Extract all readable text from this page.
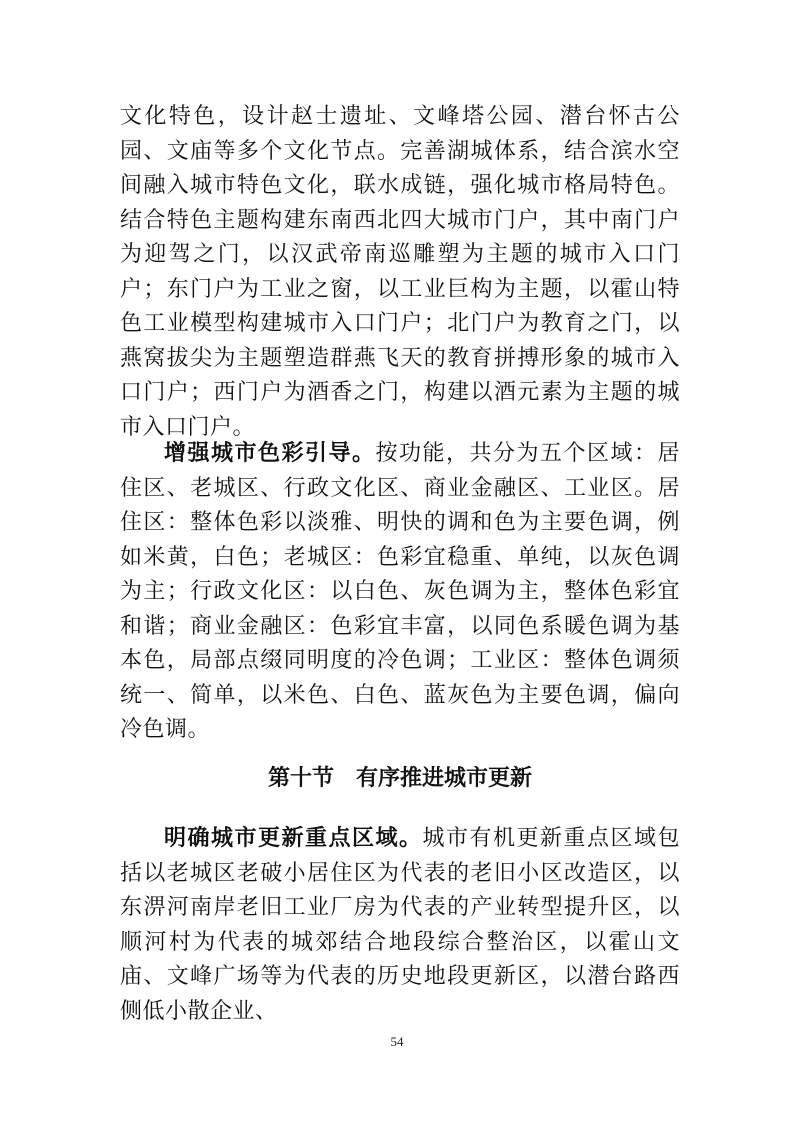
文化特色，设计赵士遗址、文峰塔公园、潜台怀古公园、文庙等多个文化节点。完善湖城体系，结合滨水空间融入城市特色文化，联水成链，强化城市格局特色。结合特色主题构建东南西北四大城市门户，其中南门户为迎驾之门，以汉武帝南巡雕塑为主题的城市入口门户；东门户为工业之窗，以工业巨构为主题，以霍山特色工业模型构建城市入口门户；北门户为教育之门，以燕窝拔尖为主题塑造群燕飞天的教育拼搏形象的城市入口门户；西门户为酒香之门，构建以酒元素为主题的城市入口门户。

增强城市色彩引导。按功能，共分为五个区域：居住区、老城区、行政文化区、商业金融区、工业区。居住区：整体色彩以淡雅、明快的调和色为主要色调，例如米黄，白色；老城区：色彩宜稳重、单纯，以灰色调为主；行政文化区：以白色、灰色调为主，整体色彩宜和谐；商业金融区：色彩宜丰富，以同色系暖色调为基本色，局部点缀同明度的冷色调；工业区：整体色调须统一、简单，以米色、白色、蓝灰色为主要色调，偏向冷色调。

第十节 有序推进城市更新

明确城市更新重点区域。城市有机更新重点区域包括以老城区老破小居住区为代表的老旧小区改造区，以东淠河南岸老旧工业厂房为代表的产业转型提升区，以顺河村为代表的城郊结合地段综合整治区，以霍山文庙、文峰广场等为代表的历史地段更新区，以潜台路西侧低小散企业、

54
